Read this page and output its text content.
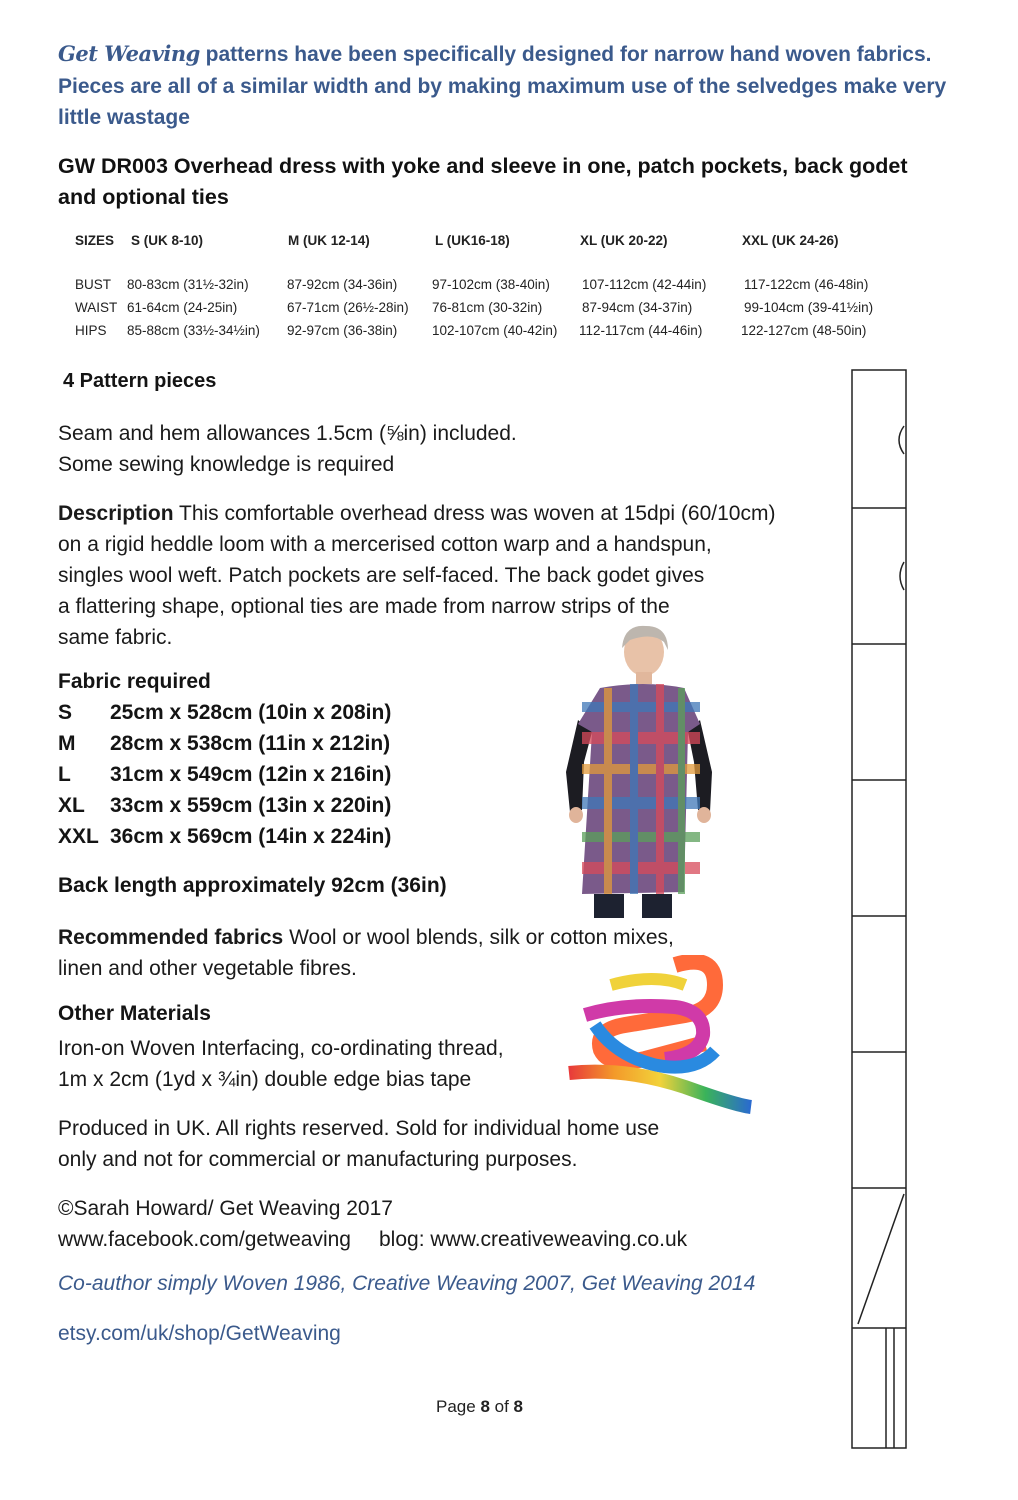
Get Weaving patterns have been specifically designed for narrow hand woven fabrics. Pieces are all of a similar width and by making maximum use of the selvedges make very little wastage
GW DR003 Overhead dress with yoke and sleeve in one, patch pockets, back godet and optional ties
SIZES S (UK 8-10)	M (UK 12-14)	L (UK16-18)	XL (UK 20-22)	XXL (UK 24-26)
BUST 80-83cm (31½-32in)	87-92cm (34-36in)	97-102cm (38-40in) 107-112cm (42-44in)	117-122cm (46-48in)
WAIST 61-64cm (24-25in)	67-71cm (26½-28in) 76-81cm (30-32in)	87-94cm (34-37in)	99-104cm (39-41½in)
HIPS 85-88cm (33½-34½in) 92-97cm (36-38in)	102-107cm (40-42in) 112-117cm (44-46in)	122-127cm (48-50in)
4 Pattern pieces
Seam and hem allowances 1.5cm (⅝in) included.
Some sewing knowledge is required
Description This comfortable overhead dress was woven at 15dpi (60/10cm)
on a rigid heddle loom with a mercerised cotton warp and a handspun,
singles wool weft. Patch pockets are self-faced. The back godet gives
a flattering shape, optional ties are made from narrow strips of the
same fabric.
Fabric required
S 25cm x 528cm (10in x 208in)
M 28cm x 538cm (11in x 212in)
L 31cm x 549cm (12in x 216in)
XL 33cm x 559cm (13in x 220in)
XXL 36cm x 569cm (14in x 224in)
Back length approximately 92cm (36in)
Recommended fabrics Wool or wool blends, silk or cotton mixes,
linen and other vegetable fibres.
Other Materials
Iron-on Woven Interfacing, co-ordinating thread,
1m x 2cm (1yd x ¾in) double edge bias tape
Produced in UK. All rights reserved. Sold for individual home use
only and not for commercial or manufacturing purposes.
©Sarah Howard/ Get Weaving 2017
www.facebook.com/getweaving blog: www.creativeweaving.co.uk
Co-author simply Woven 1986, Creative Weaving 2007, Get Weaving 2014
etsy.com/uk/shop/GetWeaving
Page 8 of 8
